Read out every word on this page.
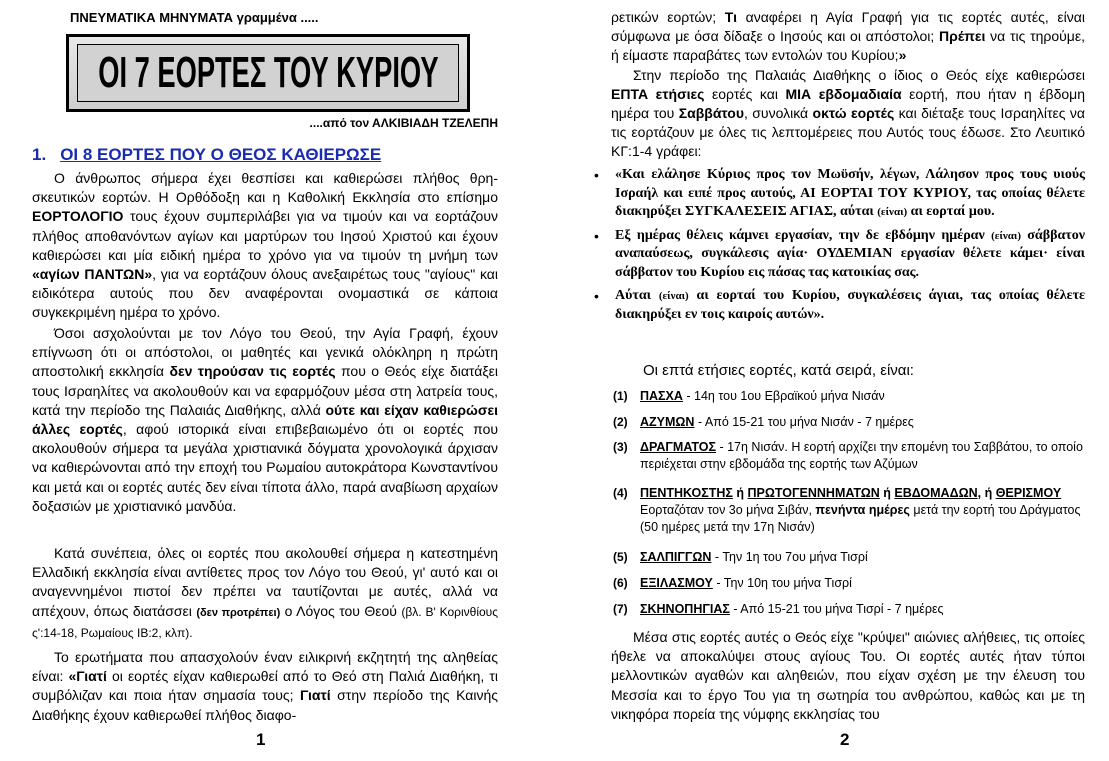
ΠΝΕΥΜΑΤΙΚΑ ΜΗΝΥΜΑΤΑ γραμμένα .....
ΟΙ 7 ΕΟΡΤΕΣ ΤΟΥ ΚΥΡΙΟΥ
....από τον ΑΛΚΙΒΙΑΔΗ ΤΖΕΛΕΠΗ
1. ΟΙ 8 ΕΟΡΤΕΣ ΠΟΥ Ο ΘΕΟΣ ΚΑΘΙΕΡΩΣΕ

Ο άνθρωπος σήμερα έχει θεσπίσει και καθιερώσει πλήθος θρησκευτικών εορτών. Η Ορθόδοξη και η Καθολική Εκκλησία στο επίσημο ΕΟΡΤΟΛΟΓΙΟ τους έχουν συμπεριλάβει για να τιμούν και να εορτάζουν πλήθος αποθανόντων αγίων και μαρτύρων του Ιησού Χριστού και έχουν καθιερώσει και μία ειδική ημέρα το χρόνο για να τιμούν τη μνήμη των «αγίων ΠΑΝΤΩΝ», για να εορτάζουν όλους ανεξαιρέτως τους "αγίους" και ειδικότερα αυτούς που δεν αναφέρονται ονομαστικά σε κάποια συγκεκριμένη ημέρα το χρόνο.

Όσοι ασχολούνται με τον Λόγο του Θεού, την Αγία Γραφή, έχουν επίγνωση ότι οι απόστολοι, οι μαθητές και γενικά ολόκληρη η πρώτη αποστολική εκκλησία δεν τηρούσαν τις εορτές που ο Θεός είχε διατάξει τους Ισραηλίτες να ακολουθούν και να εφαρμόζουν μέσα στη λατρεία τους, κατά την περίοδο της Παλαιάς Διαθήκης, αλλά ούτε και είχαν καθιερώσει άλλες εορτές, αφού ιστορικά είναι επιβεβαιωμένο ότι οι εορτές που ακολουθούν σήμερα τα μεγάλα χριστιανικά δόγματα χρονολογικά άρχισαν να καθιερώνονται από την εποχή του Ρωμαίου αυτοκράτορα Κωνσταντίνου και μετά και οι εορτές αυτές δεν είναι τίποτα άλλο, παρά αναβίωση αρχαίων δοξασιών με χριστιανικό μανδύα.

Κατά συνέπεια, όλες οι εορτές που ακολουθεί σήμερα η κατεστημένη Ελλαδική εκκλησία είναι αντίθετες προς τον Λόγο του Θεού, γι' αυτό και οι αναγεννημένοι πιστοί δεν πρέπει να ταυτίζονται με αυτές, αλλά να απέχουν, όπως διατάσσει (δεν προτρέπει) ο Λόγος του Θεού (βλ. Β' Κορινθίους ς':14-18, Ρωμαίους ΙΒ:2, κλπ).

Το ερωτήματα που απασχολούν έναν ειλικρινή εκζητητή της αληθείας είναι: «Γιατί οι εορτές είχαν καθιερωθεί από το Θεό στη Παλιά Διαθήκη, τι συμβόλιζαν και ποια ήταν σημασία τους; Γιατί στην περίοδο της Καινής Διαθήκης έχουν καθιερωθεί πλήθος διαφο-

1

ρετικών εορτών; Τι αναφέρει η Αγία Γραφή για τις εορτές αυτές, είναι σύμφωνα με όσα δίδαξε ο Ιησούς και οι απόστολοι; Πρέπει να τις τηρούμε, ή είμαστε παραβάτες των εντολών του Κυρίου;»

Στην περίοδο της Παλαιάς Διαθήκης ο ίδιος ο Θεός είχε καθιερώσει ΕΠΤΑ ετήσιες εορτές και ΜΙΑ εβδομαδιαία εορτή, που ήταν η έβδομη ημέρα του Σαββάτου, συνολικά οκτώ εορτές και διέταξε τους Ισραηλίτες να τις εορτάζουν με όλες τις λεπτομέρειες που Αυτός τους έδωσε. Στο Λευιτικό ΚΓ:1-4 γράφει:

• «Και ελάλησε Κύριος προς τον Μωϋσήν, λέγων, Λάλησον προς τους υιούς Ισραήλ και ειπέ προς αυτούς, ΑΙ ΕΟΡΤΑΙ ΤΟΥ ΚΥΡΙΟΥ, τας οποίας θέλετε διακηρύξει ΣΥΓΚΑΛΕΣΕΙΣ ΑΓΙΑΣ, αύται (είναι) αι εορταί μου.
• Εξ ημέρας θέλεις κάμνει εργασίαν, την δε εβδόμην ημέραν (είναι) σάββατον αναπαύσεως, συγκάλεσις αγία· ΟΥΔΕΜΙΑΝ εργασίαν θέλετε κάμει· είναι σάββατον του Κυρίου εις πάσας τας κατοικίας σας.
• Αύται (είναι) αι εορταί του Κυρίου, συγκαλέσεις άγιαι, τας οποίας θέλετε διακηρύξει εν τοις καιροίς αυτών».

Οι επτά ετήσιες εορτές, κατά σειρά, είναι:

(1) ΠΑΣΧΑ - 14η του 1ου Εβραϊκού μήνα Νισάν
(2) ΑΖΥΜΩΝ - Από 15-21 του μήνα Νισάν - 7 ημέρες
(3) ΔΡΑΓΜΑΤΟΣ - 17η Νισάν. Η εορτή αρχίζει την επομένη του Σαββάτου, το οποίο περιέχεται στην εβδομάδα της εορτής των Αζύμων
(4) ΠΕΝΤΗΚΟΣΤΗΣ ή ΠΡΩΤΟΓΕΝΝΗΜΑΤΩΝ ή ΕΒΔΟΜΑΔΩΝ, ή ΘΕΡΙΣΜΟΥ
Εορταζόταν τον 3ο μήνα Σιβάν, πενήντα ημέρες μετά την εορτή του Δράγματος (50 ημέρες μετά την 17η Νισάν)
(5) ΣΑΛΠΙΓΓΩΝ - Την 1η του 7ου μήνα Τισρί
(6) ΕΞΙΛΑΣΜΟΥ - Την 10η του μήνα Τισρί
(7) ΣΚΗΝΟΠΗΓΙΑΣ - Από 15-21 του μήνα Τισρί - 7 ημέρες

Μέσα στις εορτές αυτές ο Θεός είχε "κρύψει" αιώνιες αλήθειες, τις οποίες ήθελε να αποκαλύψει στους αγίους Του. Οι εορτές αυτές ήταν τύποι μελλοντικών αγαθών και αληθειών, που είχαν σχέση με την έλευση του Μεσσία και το έργο Του για τη σωτηρία του ανθρώπου, καθώς και με τη νικηφόρα πορεία της νύμφης εκκλησίας του

2
